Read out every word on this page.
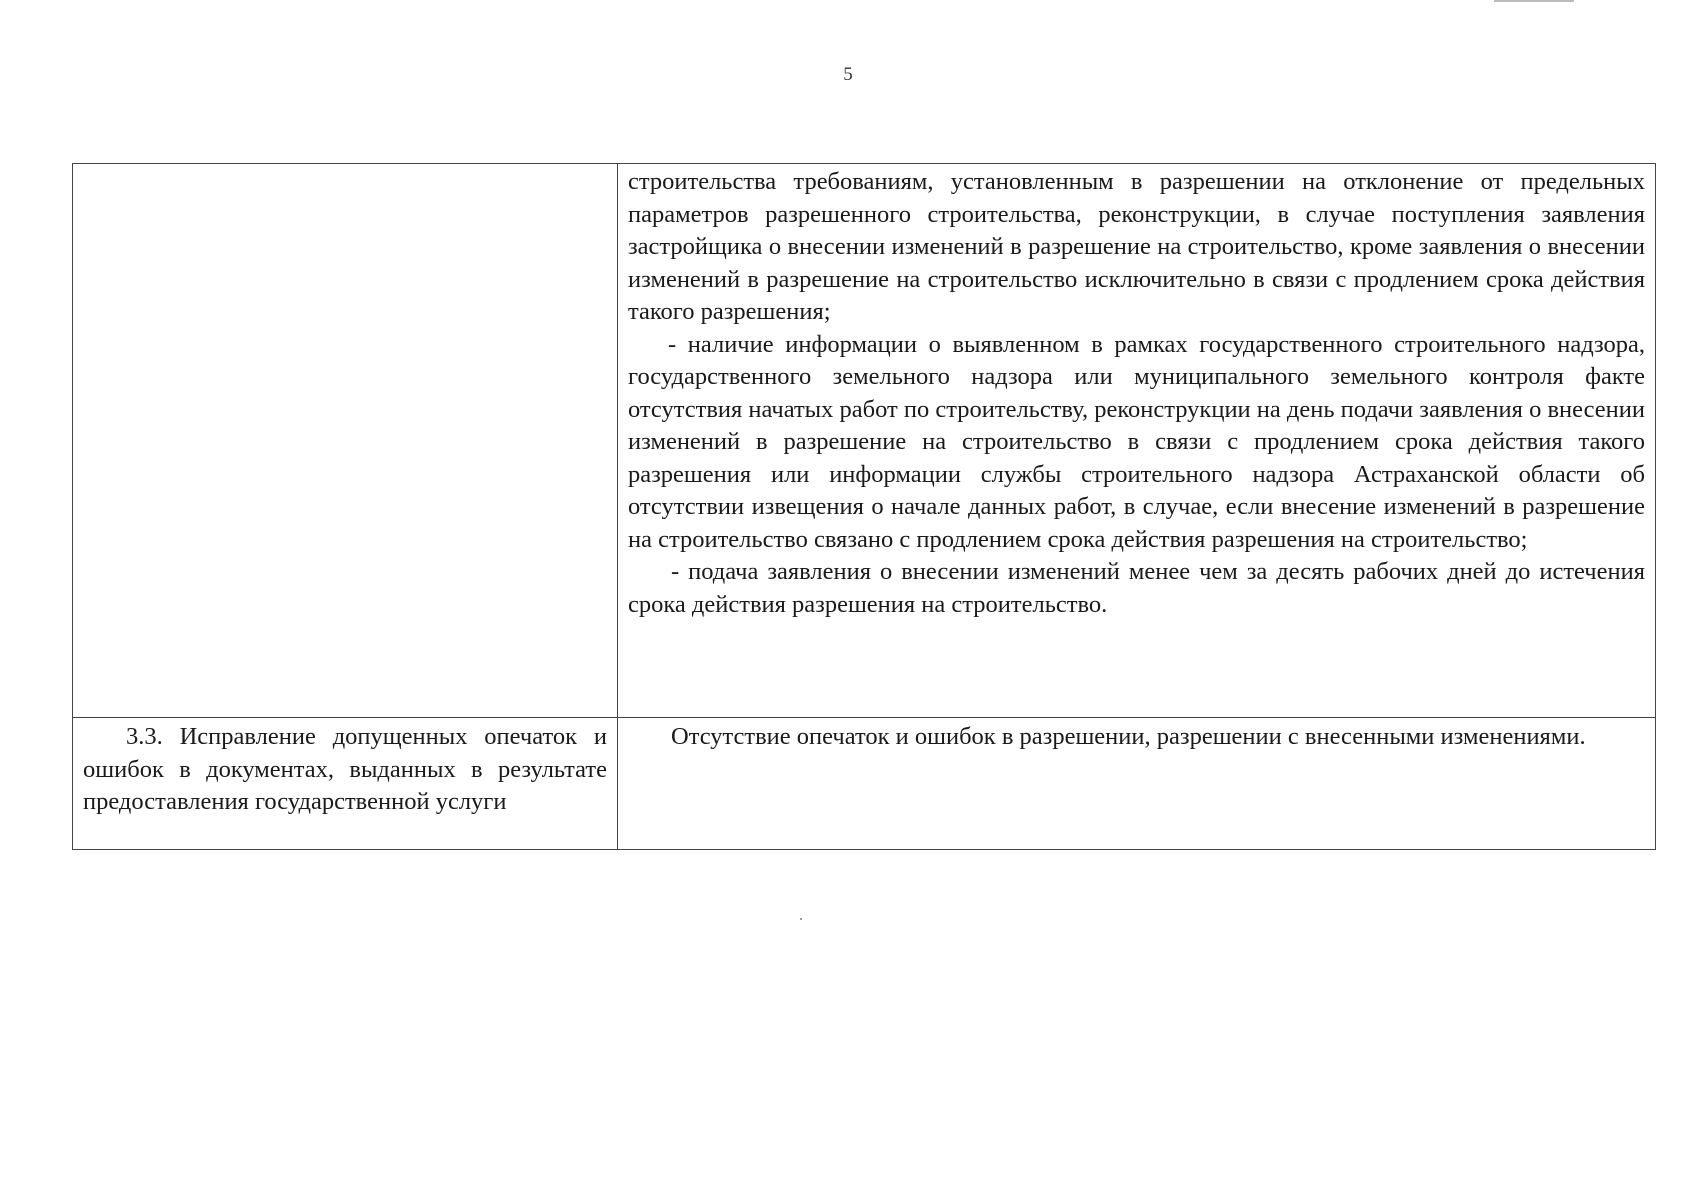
5

	строительства требованиям, установленным в разрешении на отклонение от предельных параметров разрешенного строительства, реконструкции, в случае поступления заявления застройщика о внесении изменений в разрешение на строительство, кроме заявления о внесении изменений в разрешение на строительство исключительно в связи с продлением срока действия такого разрешения;

- наличие информации о выявленном в рамках государственного строительного надзора, государственного земельного надзора или муниципального земельного контроля факте отсутствия начатых работ по строительству, реконструкции на день подачи заявления о внесении изменений в разрешение на строительство в связи с продлением срока действия такого разрешения или информации службы строительного надзора Астраханской области об отсутствии извещения о начале данных работ, в случае, если внесение изменений в разрешение на строительство связано с продлением срока действия разрешения на строительство;

- подача заявления о внесении изменений менее чем за десять рабочих дней до истечения срока действия разрешения на строительство.

3.3. Исправление допущенных опечаток и ошибок в документах, выданных в результате предоставления государственной услуги	Отсутствие опечаток и ошибок в разрешении, разрешении с внесенными изменениями.
